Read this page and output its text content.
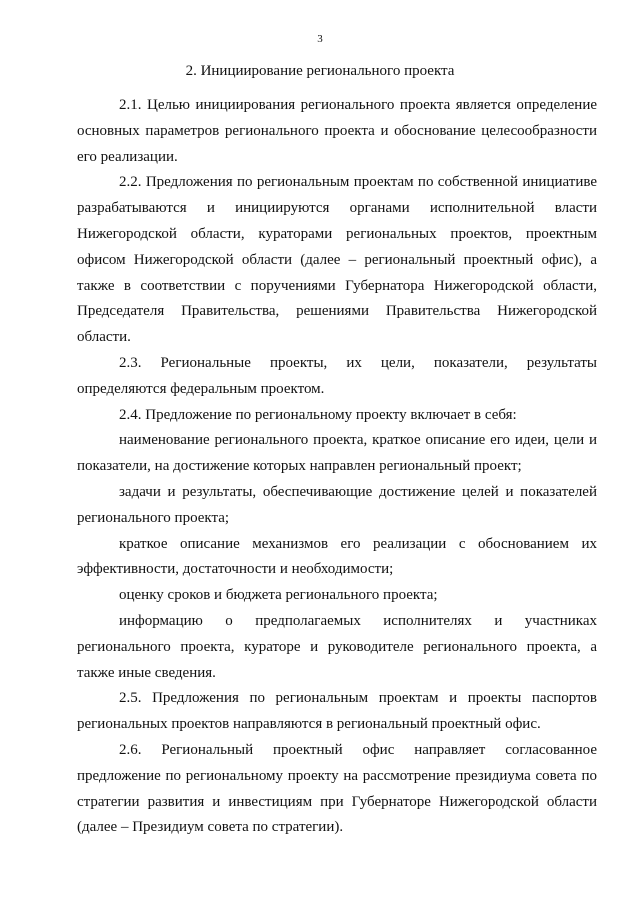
3
2. Инициирование регионального проекта

2.1. Целью инициирования регионального проекта является определение основных параметров регионального проекта и обоснование целесообразности его реализации.

2.2. Предложения по региональным проектам по собственной инициативе разрабатываются и инициируются органами исполнительной власти Нижегородской области, кураторами региональных проектов, проектным офисом Нижегородской области (далее – региональный проектный офис), а также в соответствии с поручениями Губернатора Нижегородской области, Председателя Правительства, решениями Правительства Нижегородской области.

2.3. Региональные проекты, их цели, показатели, результаты определяются федеральным проектом.

2.4. Предложение по региональному проекту включает в себя:

наименование регионального проекта, краткое описание его идеи, цели и показатели, на достижение которых направлен региональный проект;

задачи и результаты, обеспечивающие достижение целей и показателей регионального проекта;

краткое описание механизмов его реализации с обоснованием их эффективности, достаточности и необходимости;

оценку сроков и бюджета регионального проекта;

информацию о предполагаемых исполнителях и участниках регионального проекта, кураторе и руководителе регионального проекта, а также иные сведения.

2.5. Предложения по региональным проектам и проекты паспортов региональных проектов направляются в региональный проектный офис.

2.6. Региональный проектный офис направляет согласованное предложение по региональному проекту на рассмотрение президиума совета по стратегии развития и инвестициям при Губернаторе Нижегородской области (далее – Президиум совета по стратегии).
